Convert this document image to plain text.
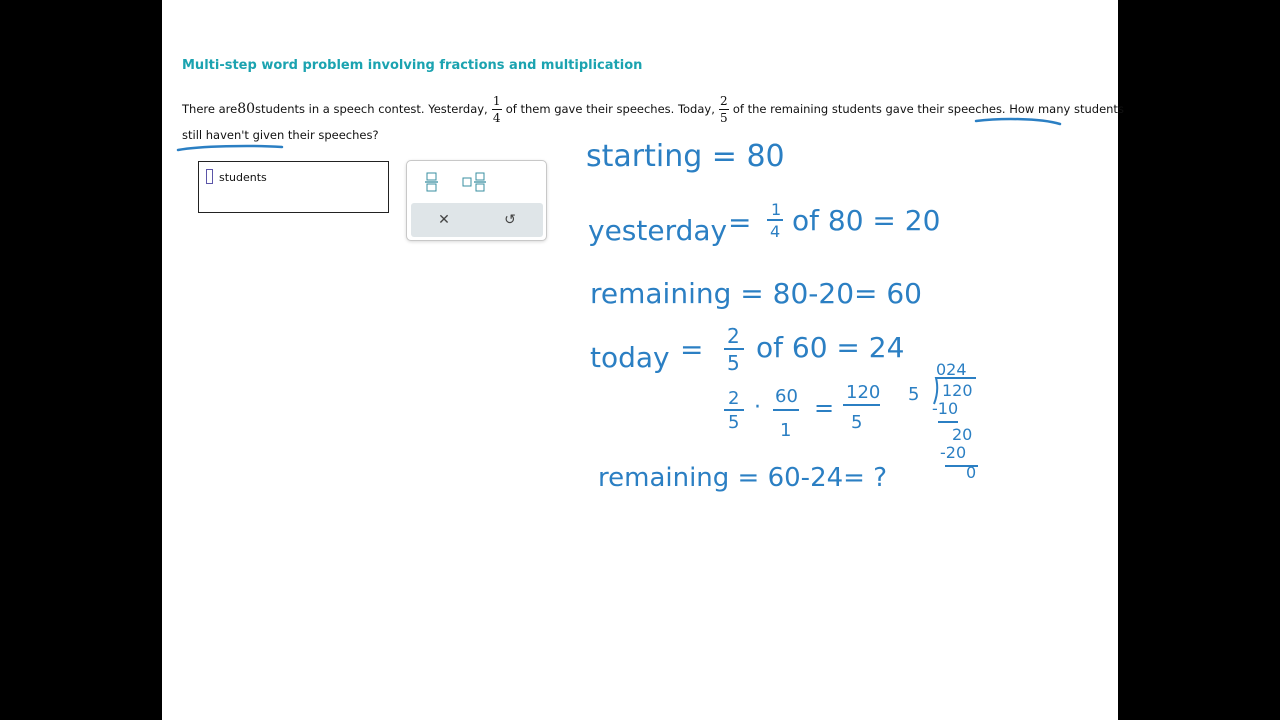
Multi-step word problem involving fractions and multiplication
There are 80 students in a speech contest. Yesterday, $\frac{1}{4}$ of them gave their speeches. Today, $\frac{2}{5}$ of the remaining students gave their speeches. How many students
still haven't given their speeches?
students
✕	↺
starting = 80
yesterday = 1
4 of 80 = 20
remaining = 80-20= 60
today = 2
5 of 60 = 24
2
5
· 60
1
=
120
5
024
5 120
-10
20
-20
0
remaining = 60-24= ?
